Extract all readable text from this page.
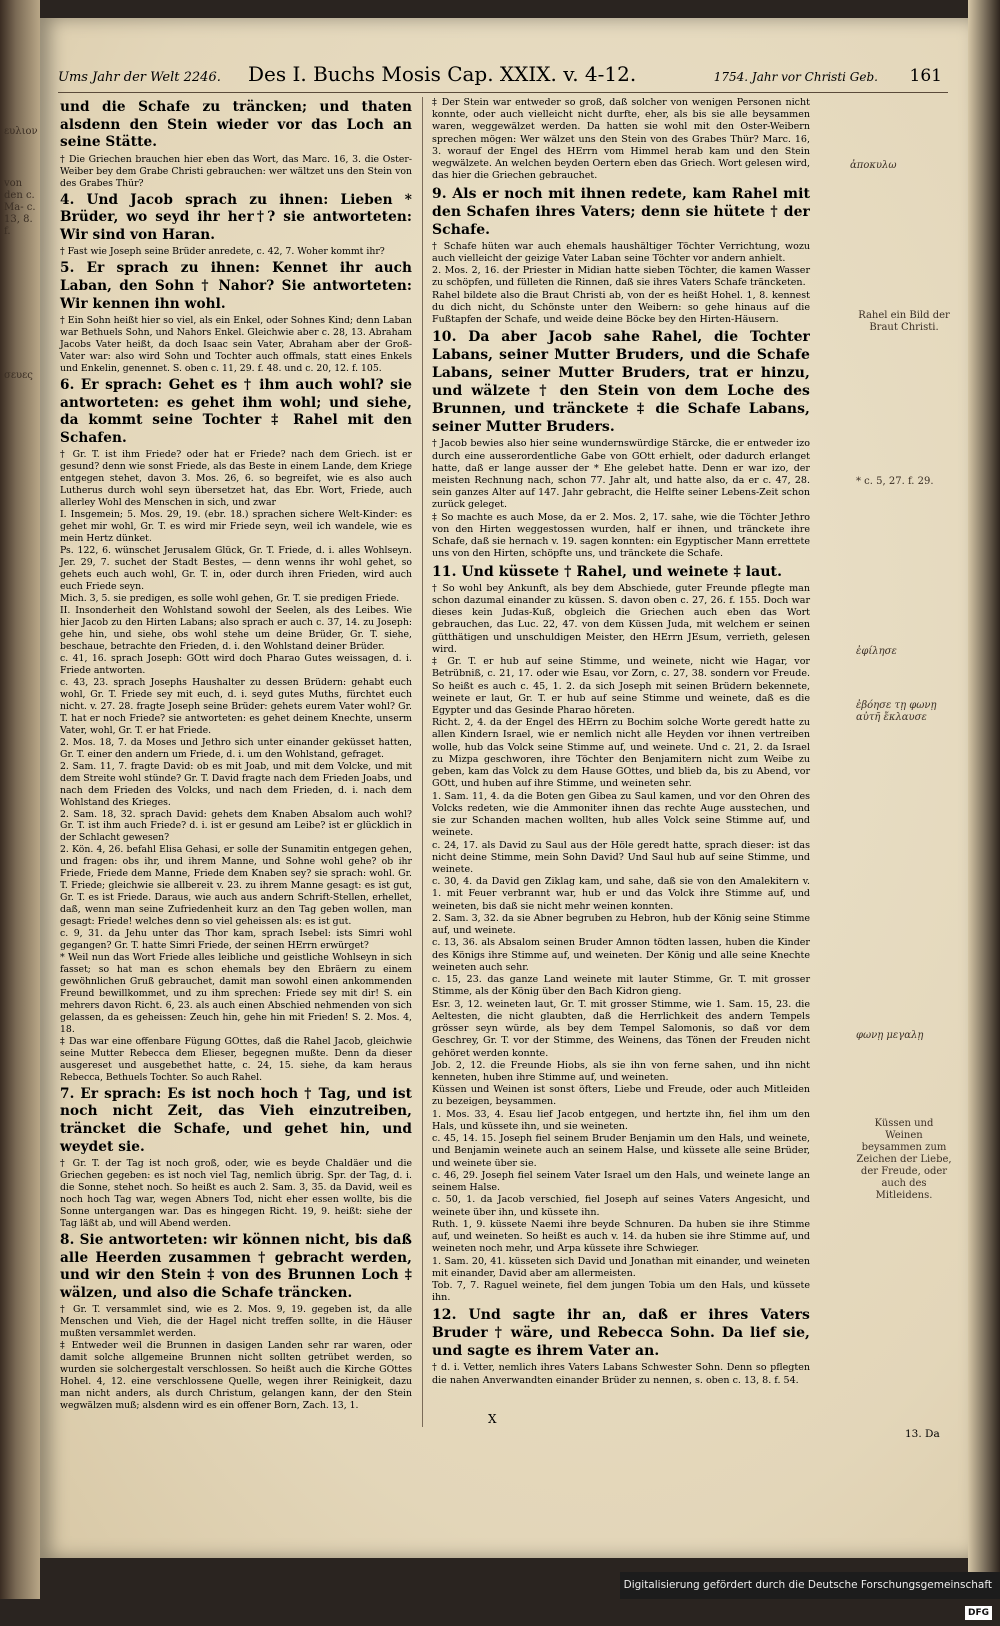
Ums Jahr der Welt 2246. Des I. Buchs Mosis Cap. XXIX. v. 4-12.	1754. Jahr vor Christi Geb. 161

und die Schafe zu träncken; und thaten alsdenn den Stein wieder vor das Loch an seine Stätte.

† Die Griechen brauchen hier eben das Wort, das Marc. 16, 3. die Oster-Weiber bey dem Grabe Christi gebrauchen: wer wältzet uns den Stein von des Grabes Thür?

4. Und Jacob sprach zu ihnen: Lieben * Brüder, wo seyd ihr her†? sie antworteten: Wir sind von Haran.

† Fast wie Joseph seine Brüder anredete, c. 42, 7. Woher kommt ihr?

5. Er sprach zu ihnen: Kennet ihr auch Laban, den Sohn † Nahor? Sie antworteten: Wir kennen ihn wohl.

† Ein Sohn heißt hier so viel, als ein Enkel, oder Sohnes Kind; denn Laban war Bethuels Sohn, und Nahors Enkel. Gleichwie aber c. 28, 13. Abraham Jacobs Vater heißt, da doch Isaac sein Vater, Abraham aber der Groß-Vater war: also wird Sohn und Tochter auch offmals, statt eines Enkels und Enkelin, genennet. S. oben c. 11, 29. f. 48. und c. 20, 12. f. 105.

6. Er sprach: Gehet es † ihm auch wohl? sie antworteten: es gehet ihm wohl; und siehe, da kommt seine Tochter ‡ Rahel mit den Schafen.

† Gr. T. ist ihm Friede? oder hat er Friede? nach dem Griech. ist er gesund? denn wie sonst Friede, als das Beste in einem Lande, dem Kriege entgegen stehet, davon 3. Mos. 26, 6. so begreifet, wie es also auch Lutherus durch wohl seyn übersetzet hat, das Ebr. Wort, Friede, auch allerley Wohl des Menschen in sich, und zwar

I. Insgemein; 5. Mos. 29, 19. (ebr. 18.) sprachen sichere Welt-Kinder: es gehet mir wohl, Gr. T. es wird mir Friede seyn, weil ich wandele, wie es mein Hertz dünket.

Ps. 122, 6. wünschet Jerusalem Glück, Gr. T. Friede, d. i. alles Wohlseyn. Jer. 29, 7. suchet der Stadt Bestes, — denn wenns ihr wohl gehet, so gehets euch auch wohl, Gr. T. in, oder durch ihren Frieden, wird auch euch Friede seyn.

Mich. 3, 5. sie predigen, es solle wohl gehen, Gr. T. sie predigen Friede.

II. Insonderheit den Wohlstand sowohl der Seelen, als des Leibes. Wie hier Jacob zu den Hirten Labans; also sprach er auch c. 37, 14. zu Joseph: gehe hin, und siehe, obs wohl stehe um deine Brüder, Gr. T. siehe, beschaue, betrachte den Frieden, d. i. den Wohlstand deiner Brüder.

c. 41, 16. sprach Joseph: GOtt wird doch Pharao Gutes weissagen, d. i. Friede antworten.

c. 43, 23. sprach Josephs Haushalter zu dessen Brüdern: gehabt euch wohl, Gr. T. Friede sey mit euch, d. i. seyd gutes Muths, fürchtet euch nicht. v. 27. 28. fragte Joseph seine Brüder: gehets eurem Vater wohl? Gr. T. hat er noch Friede? sie antworteten: es gehet deinem Knechte, unserm Vater, wohl, Gr. T. er hat Friede.

2. Mos. 18, 7. da Moses und Jethro sich unter einander geküsset hatten, Gr. T. einer den andern um Friede, d. i. um den Wohlstand, gefraget.

2. Sam. 11, 7. fragte David: ob es mit Joab, und mit dem Volcke, und mit dem Streite wohl stünde? Gr. T. David fragte nach dem Frieden Joabs, und nach dem Frieden des Volcks, und nach dem Frieden, d. i. nach dem Wohlstand des Krieges.

2. Sam. 18, 32. sprach David: gehets dem Knaben Absalom auch wohl? Gr. T. ist ihm auch Friede? d. i. ist er gesund am Leibe? ist er glücklich in der Schlacht gewesen?

2. Kön. 4, 26. befahl Elisa Gehasi, er solle der Sunamitin entgegen gehen, und fragen: obs ihr, und ihrem Manne, und Sohne wohl gehe? ob ihr Friede, Friede dem Manne, Friede dem Knaben sey? sie sprach: wohl. Gr. T. Friede; gleichwie sie allbereit v. 23. zu ihrem Manne gesagt: es ist gut, Gr. T. es ist Friede. Daraus, wie auch aus andern Schrift-Stellen, erhellet, daß, wenn man seine Zufriedenheit kurz an den Tag geben wollen, man gesagt: Friede! welches denn so viel geheissen als: es ist gut.

c. 9, 31. da Jehu unter das Thor kam, sprach Isebel: ists Simri wohl gegangen? Gr. T. hatte Simri Friede, der seinen HErrn erwürget?

* Weil nun das Wort Friede alles leibliche und geistliche Wohlseyn in sich fasset; so hat man es schon ehemals bey den Ebräern zu einem gewöhnlichen Gruß gebrauchet, damit man sowohl einen ankommenden Freund bewillkommet, und zu ihm sprechen: Friede sey mit dir! S. ein mehrers davon Richt. 6, 23. als auch einen Abschied nehmenden von sich gelassen, da es geheissen: Zeuch hin, gehe hin mit Frieden! S. 2. Mos. 4, 18.

‡ Das war eine offenbare Fügung GOttes, daß die Rahel Jacob, gleichwie seine Mutter Rebecca dem Elieser, begegnen mußte. Denn da dieser ausgereset und ausgebethet hatte, c. 24, 15. siehe, da kam heraus Rebecca, Bethuels Tochter. So auch Rahel.

7. Er sprach: Es ist noch hoch † Tag, und ist noch nicht Zeit, das Vieh einzutreiben, träncket die Schafe, und gehet hin, und weydet sie.

† Gr. T. der Tag ist noch groß, oder, wie es beyde Chaldäer und die Griechen gegeben: es ist noch viel Tag, nemlich übrig. Spr. der Tag, d. i. die Sonne, stehet noch. So heißt es auch 2. Sam. 3, 35. da David, weil es noch hoch Tag war, wegen Abners Tod, nicht eher essen wollte, bis die Sonne untergangen war. Das es hingegen Richt. 19, 9. heißt: siehe der Tag läßt ab, und will Abend werden.

8. Sie antworteten: wir können nicht, bis daß alle Heerden zusammen † gebracht werden, und wir den Stein ‡ von des Brunnen Loch ‡ wälzen, und also die Schafe träncken.

† Gr. T. versammlet sind, wie es 2. Mos. 9, 19. gegeben ist, da alle Menschen und Vieh, die der Hagel nicht treffen sollte, in die Häuser mußten versammlet werden.

‡ Entweder weil die Brunnen in dasigen Landen sehr rar waren, oder damit solche allgemeine Brunnen nicht sollten getrübet werden, so wurden sie solchergestalt verschlossen. So heißt auch die Kirche GOttes Hohel. 4, 12. eine verschlossene Quelle, wegen ihrer Reinigkeit, dazu man nicht anders, als durch Christum, gelangen kann, der den Stein wegwälzen muß; alsdenn wird es ein offener Born, Zach. 13, 1.

‡ Der Stein war entweder so groß, daß solcher von wenigen Personen nicht konnte, oder auch vielleicht nicht durfte, eher, als bis sie alle beysammen waren, weggewälzet werden. Da hatten sie wohl mit den Oster-Weibern sprechen mögen: Wer wälzet uns den Stein von des Grabes Thür? Marc. 16, 3. worauf der Engel des HErrn vom Himmel herab kam und den Stein wegwälzete. An welchen beyden Oertern eben das Griech. Wort gelesen wird, das hier die Griechen gebrauchet.

9. Als er noch mit ihnen redete, kam Rahel mit den Schafen ihres Vaters; denn sie hütete † der Schafe.

† Schafe hüten war auch ehemals haushältiger Töchter Verrichtung, wozu auch vielleicht der geizige Vater Laban seine Töchter vor andern anhielt.

2. Mos. 2, 16. der Priester in Midian hatte sieben Töchter, die kamen Wasser zu schöpfen, und fülleten die Rinnen, daß sie ihres Vaters Schafe träncketen.

Rahel bildete also die Braut Christi ab, von der es heißt Hohel. 1, 8. kennest du dich nicht, du Schönste unter den Weibern: so gehe hinaus auf die Fußtapfen der Schafe, und weide deine Böcke bey den Hirten-Häusern.

10. Da aber Jacob sahe Rahel, die Tochter Labans, seiner Mutter Bruders, und die Schafe Labans, seiner Mutter Bruders, trat er hinzu, und wälzete † den Stein von dem Loche des Brunnen, und tränckete ‡ die Schafe Labans, seiner Mutter Bruders.

† Jacob bewies also hier seine wundernswürdige Stärcke, die er entweder izo durch eine ausserordentliche Gabe von GOtt erhielt, oder dadurch erlanget hatte, daß er lange ausser der * Ehe gelebet hatte. Denn er war izo, der meisten Rechnung nach, schon 77. Jahr alt, und hatte also, da er c. 47, 28. sein ganzes Alter auf 147. Jahr gebracht, die Helfte seiner Lebens-Zeit schon zurück geleget.

‡ So machte es auch Mose, da er 2. Mos. 2, 17. sahe, wie die Töchter Jethro von den Hirten weggestossen wurden, half er ihnen, und tränckete ihre Schafe, daß sie hernach v. 19. sagen konnten: ein Egyptischer Mann errettete uns von den Hirten, schöpfte uns, und tränckete die Schafe.

11. Und küssete † Rahel, und weinete ‡ laut.

† So wohl bey Ankunft, als bey dem Abschiede, guter Freunde pflegte man schon dazumal einander zu küssen. S. davon oben c. 27, 26. f. 155. Doch war dieses kein Judas-Kuß, obgleich die Griechen auch eben das Wort gebrauchen, das Luc. 22, 47. von dem Küssen Juda, mit welchem er seinen gütthätigen und unschuldigen Meister, den HErrn JEsum, verrieth, gelesen wird.

‡ Gr. T. er hub auf seine Stimme, und weinete, nicht wie Hagar, vor Betrübniß, c. 21, 17. oder wie Esau, vor Zorn, c. 27, 38. sondern vor Freude. So heißt es auch c. 45, 1. 2. da sich Joseph mit seinen Brüdern bekennete, weinete er laut, Gr. T. er hub auf seine Stimme und weinete, daß es die Egypter und das Gesinde Pharao höreten.

Richt. 2, 4. da der Engel des HErrn zu Bochim solche Worte geredt hatte zu allen Kindern Israel, wie er nemlich nicht alle Heyden vor ihnen vertreiben wolle, hub das Volck seine Stimme auf, und weinete. Und c. 21, 2. da Israel zu Mizpa geschworen, ihre Töchter den Benjamitern nicht zum Weibe zu geben, kam das Volck zu dem Hause GOttes, und blieb da, bis zu Abend, vor GOtt, und huben auf ihre Stimme, und weineten sehr.

1. Sam. 11, 4. da die Boten gen Gibea zu Saul kamen, und vor den Ohren des Volcks redeten, wie die Ammoniter ihnen das rechte Auge ausstechen, und sie zur Schanden machen wollten, hub alles Volck seine Stimme auf, und weinete.

c. 24, 17. als David zu Saul aus der Höle geredt hatte, sprach dieser: ist das nicht deine Stimme, mein Sohn David? Und Saul hub auf seine Stimme, und weinete.

c. 30, 4. da David gen Ziklag kam, und sahe, daß sie von den Amalekitern v. 1. mit Feuer verbrannt war, hub er und das Volck ihre Stimme auf, und weineten, bis daß sie nicht mehr weinen konnten.

2. Sam. 3, 32. da sie Abner begruben zu Hebron, hub der König seine Stimme auf, und weinete.

c. 13, 36. als Absalom seinen Bruder Amnon tödten lassen, huben die Kinder des Königs ihre Stimme auf, und weineten. Der König und alle seine Knechte weineten auch sehr.

c. 15, 23. das ganze Land weinete mit lauter Stimme, Gr. T. mit grosser Stimme, als der König über den Bach Kidron gieng.

Esr. 3, 12. weineten laut, Gr. T. mit grosser Stimme, wie 1. Sam. 15, 23. die Aeltesten, die nicht glaubten, daß die Herrlichkeit des andern Tempels grösser seyn würde, als bey dem Tempel Salomonis, so daß vor dem Geschrey, Gr. T. vor der Stimme, des Weinens, das Tönen der Freuden nicht gehöret werden konnte.

Job. 2, 12. die Freunde Hiobs, als sie ihn von ferne sahen, und ihn nicht kenneten, huben ihre Stimme auf, und weineten.

Küssen und Weinen ist sonst öfters, Liebe und Freude, oder auch Mitleiden zu bezeigen, beysammen.

1. Mos. 33, 4. Esau lief Jacob entgegen, und hertzte ihn, fiel ihm um den Hals, und küssete ihn, und sie weineten.

c. 45, 14. 15. Joseph fiel seinem Bruder Benjamin um den Hals, und weinete, und Benjamin weinete auch an seinem Halse, und küssete alle seine Brüder, und weinete über sie.

c. 46, 29. Joseph fiel seinem Vater Israel um den Hals, und weinete lange an seinem Halse.

c. 50, 1. da Jacob verschied, fiel Joseph auf seines Vaters Angesicht, und weinete über ihn, und küssete ihn.

Ruth. 1, 9. küssete Naemi ihre beyde Schnuren. Da huben sie ihre Stimme auf, und weineten. So heißt es auch v. 14. da huben sie ihre Stimme auf, und weineten noch mehr, und Arpa küssete ihre Schwieger.

1. Sam. 20, 41. küsseten sich David und Jonathan mit einander, und weineten mit einander, David aber am allermeisten.

Tob. 7, 7. Raguel weinete, fiel dem jungen Tobia um den Hals, und küssete ihn.

12. Und sagte ihr an, daß er ihres Vaters Bruder † wäre, und Rebecca Sohn. Da lief sie, und sagte es ihrem Vater an.

† d. i. Vetter, nemlich ihres Vaters Labans Schwester Sohn. Denn so pflegten die nahen Anverwandten einander Brüder zu nennen, s. oben c. 13, 8. f. 54.

ευλιον
von den c. Ma- c. 13, 8. f.
σευες
ἀποκυλω
Rahel ein Bild der Braut Christi.
* c. 5, 27. f. 29.
ἐφίλησε
ἐβόησε τῃ φωνῃ αὐτῆ ἔκλαυσε
φωνῃ μεγαλῃ
Küssen und Weinen beysammen zum Zeichen der Liebe, der Freude, oder auch des Mitleidens.
X
13. Da
Digitalisierung gefördert durch die Deutsche Forschungsgemeinschaft DFG
